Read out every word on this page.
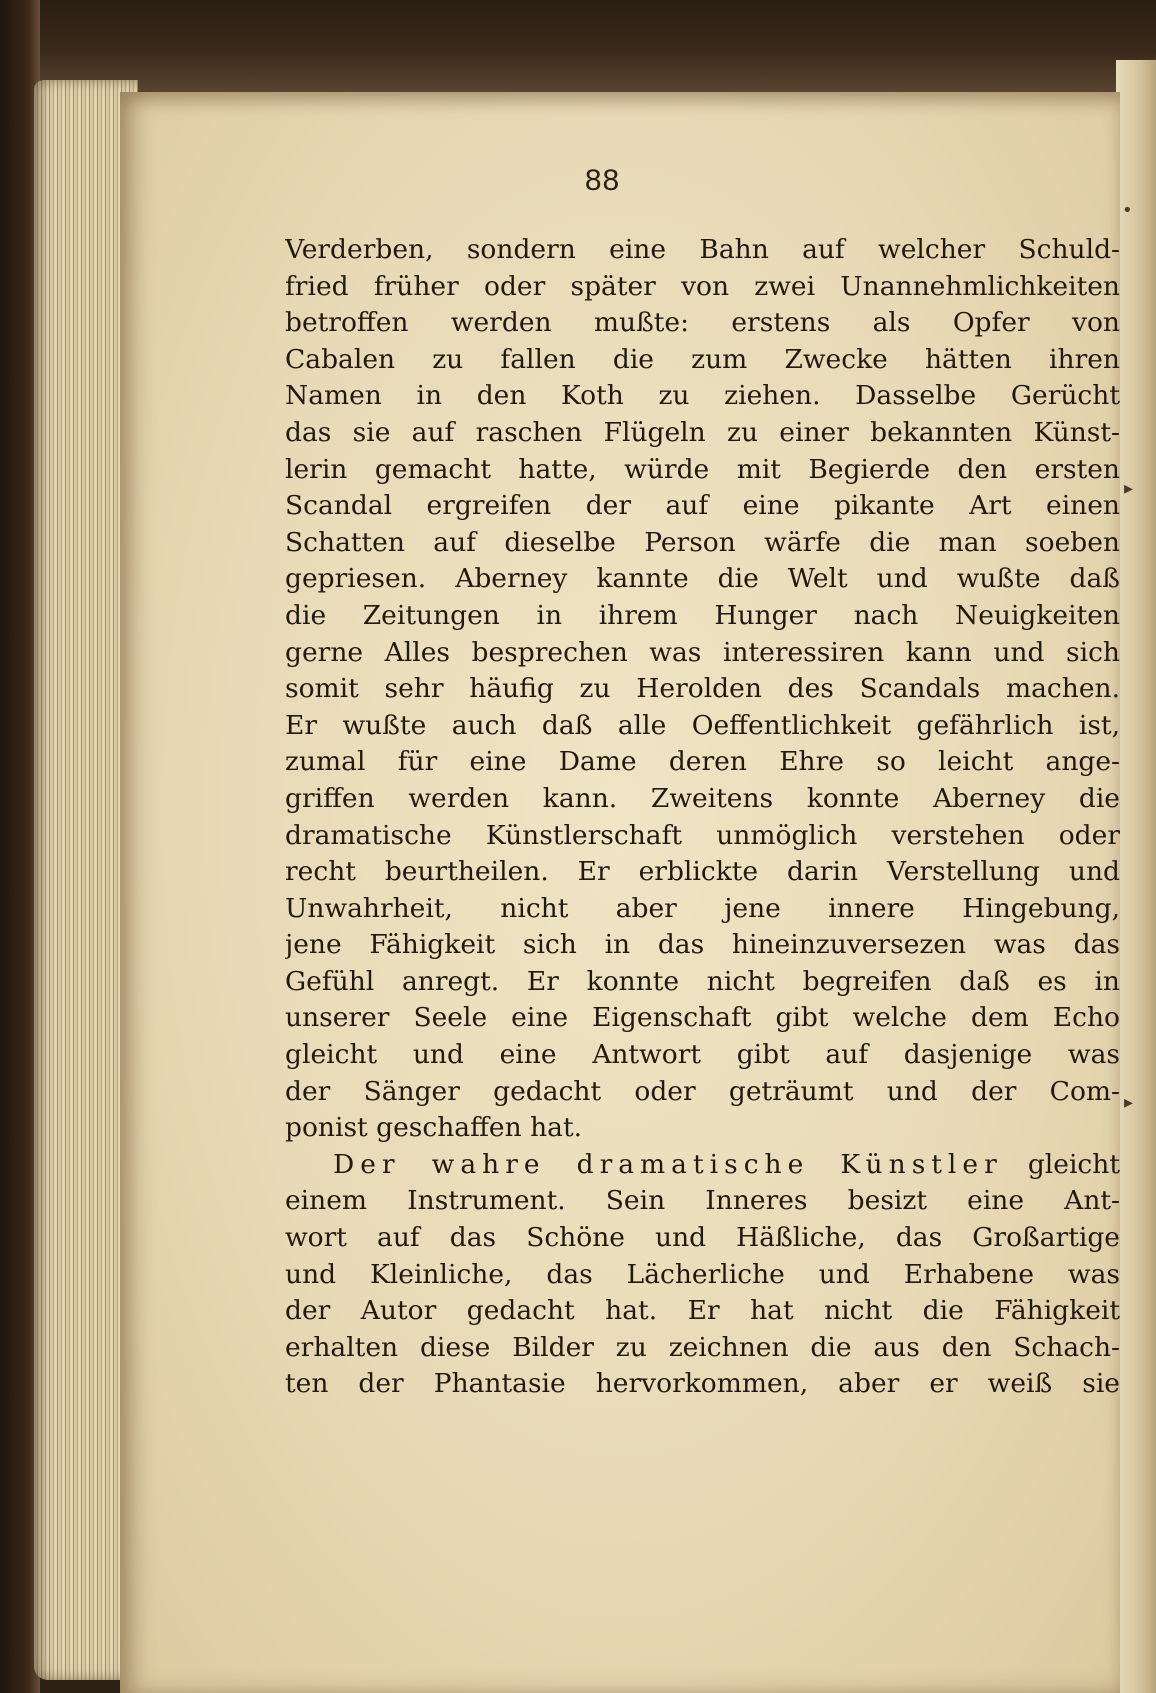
88
Verderben, sondern eine Bahn auf welcher Schuld-
fried früher oder später von zwei Unannehmlichkeiten
betroffen werden mußte: erstens als Opfer von
Cabalen zu fallen die zum Zwecke hätten ihren
Namen in den Koth zu ziehen. Dasselbe Gerücht
das sie auf raschen Flügeln zu einer bekannten Künst-
lerin gemacht hatte, würde mit Begierde den ersten
Scandal ergreifen der auf eine pikante Art einen
Schatten auf dieselbe Person wärfe die man soeben
gepriesen. Aberney kannte die Welt und wußte daß
die Zeitungen in ihrem Hunger nach Neuigkeiten
gerne Alles besprechen was interessiren kann und sich
somit sehr häufig zu Herolden des Scandals machen.
Er wußte auch daß alle Oeffentlichkeit gefährlich ist,
zumal für eine Dame deren Ehre so leicht ange-
griffen werden kann. Zweitens konnte Aberney die
dramatische Künstlerschaft unmöglich verstehen oder
recht beurtheilen. Er erblickte darin Verstellung und
Unwahrheit, nicht aber jene innere Hingebung,
jene Fähigkeit sich in das hineinzuversezen was das
Gefühl anregt. Er konnte nicht begreifen daß es in
unserer Seele eine Eigenschaft gibt welche dem Echo
gleicht und eine Antwort gibt auf dasjenige was
der Sänger gedacht oder geträumt und der Com-
ponist geschaffen hat.
Der wahre dramatische Künstler gleicht
einem Instrument. Sein Inneres besizt eine Ant-
wort auf das Schöne und Häßliche, das Großartige
und Kleinliche, das Lächerliche und Erhabene was
der Autor gedacht hat. Er hat nicht die Fähigkeit
erhalten diese Bilder zu zeichnen die aus den Schach-
ten der Phantasie hervorkommen, aber er weiß sie
•
▸
▸
